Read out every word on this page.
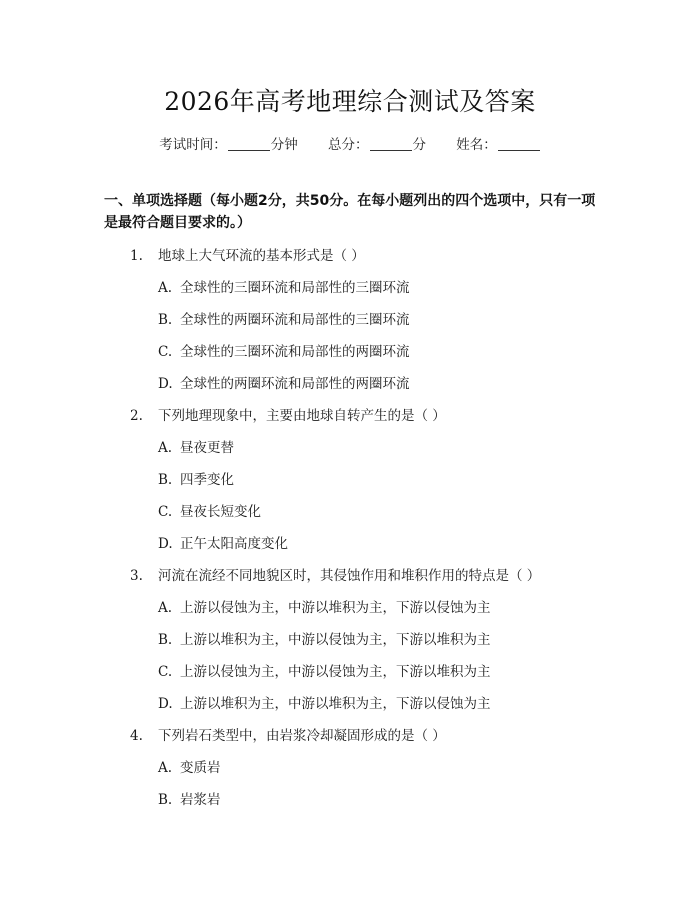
2026年高考地理综合测试及答案
考试时间：	分钟 总分：	分 姓名：
一、单项选择题（每小题2分，共50分。在每小题列出的四个选项中，只有一项是最符合题目要求的。）
1. 地球上大气环流的基本形式是（ ）
A. 全球性的三圈环流和局部性的三圈环流
B. 全球性的两圈环流和局部性的三圈环流
C. 全球性的三圈环流和局部性的两圈环流
D. 全球性的两圈环流和局部性的两圈环流
2. 下列地理现象中，主要由地球自转产生的是（ ）
A. 昼夜更替
B. 四季变化
C. 昼夜长短变化
D. 正午太阳高度变化
3. 河流在流经不同地貌区时，其侵蚀作用和堆积作用的特点是（ ）
A. 上游以侵蚀为主，中游以堆积为主，下游以侵蚀为主
B. 上游以堆积为主，中游以侵蚀为主，下游以堆积为主
C. 上游以侵蚀为主，中游以侵蚀为主，下游以堆积为主
D. 上游以堆积为主，中游以堆积为主，下游以侵蚀为主
4. 下列岩石类型中，由岩浆冷却凝固形成的是（ ）
A. 变质岩
B. 岩浆岩
